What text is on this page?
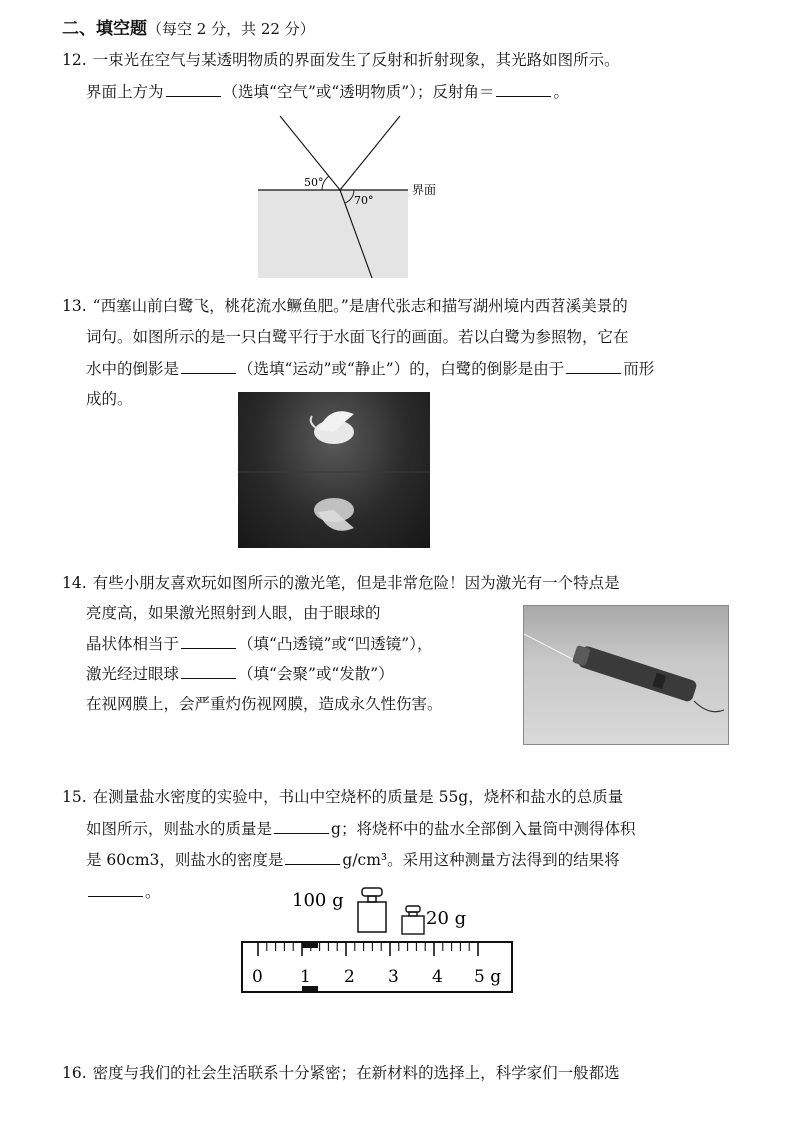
二、填空题（每空 2 分，共 22 分）
12. 一束光在空气与某透明物质的界面发生了反射和折射现象，其光路如图所示。
界面上方为	（选填“空气”或“透明物质”）；反射角＝	。
50°
70°
界面
13. “西塞山前白鹭飞，桃花流水鳜鱼肥。”是唐代张志和描写湖州境内西苕溪美景的
词句。如图所示的是一只白鹭平行于水面飞行的画面。若以白鹭为参照物，它在
水中的倒影是	（选填“运动”或“静止”）的，白鹭的倒影是由于	而形
成的。
14. 有些小朋友喜欢玩如图所示的激光笔，但是非常危险！因为激光有一个特点是
亮度高，如果激光照射到人眼，由于眼球的
晶状体相当于	（填“凸透镜”或“凹透镜”），
激光经过眼球	（填“会聚”或“发散”）
在视网膜上，会严重灼伤视网膜，造成永久性伤害。
15. 在测量盐水密度的实验中，书山中空烧杯的质量是 55g，烧杯和盐水的总质量
如图所示，则盐水的质量是	g；将烧杯中的盐水全部倒入量筒中测得体积
是 60cm3，则盐水的密度是	g/cm³。采用这种测量方法得到的结果将
。	100 g
20 g
0 1 2 3 4 5 g
16. 密度与我们的社会生活联系十分紧密；在新材料的选择上，科学家们一般都选
